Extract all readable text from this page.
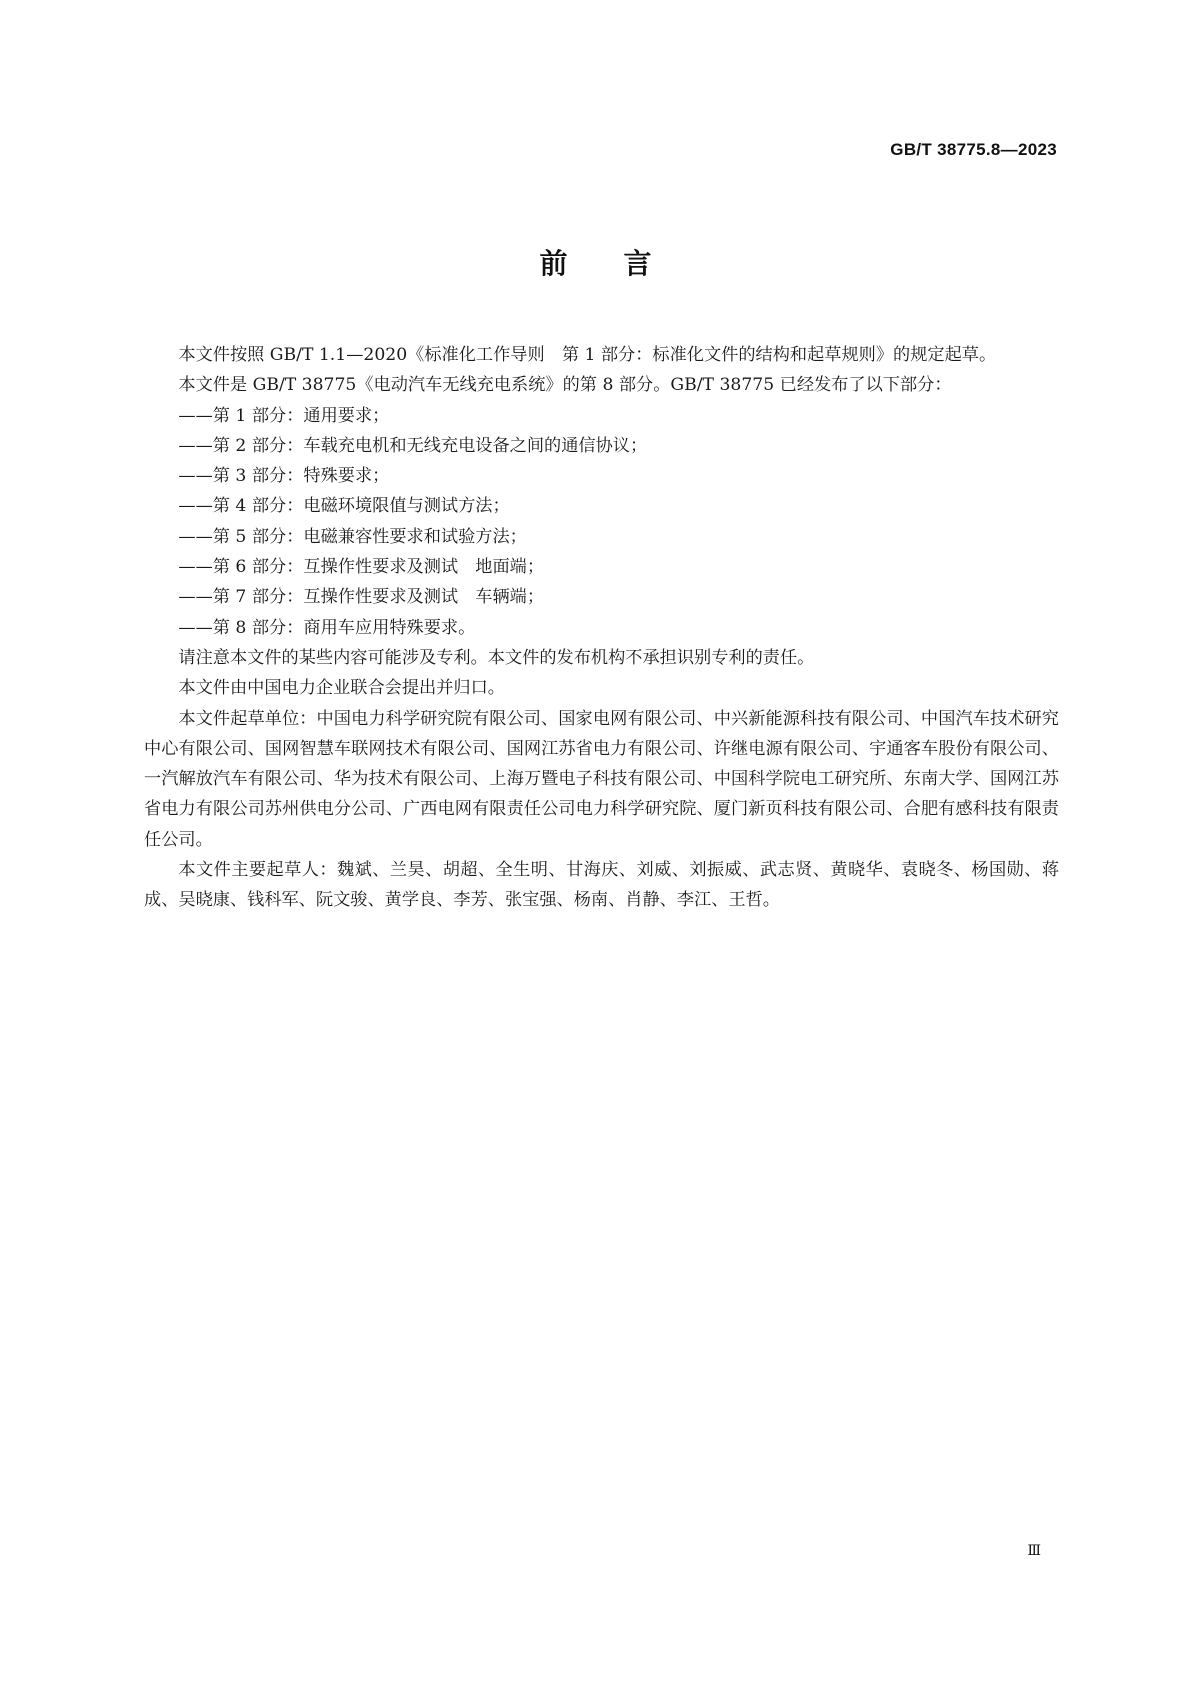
GB/T 38775.8—2023
前言

本文件按照 GB/T 1.1—2020《标准化工作导则　第 1 部分：标准化文件的结构和起草规则》的规定起草。

本文件是 GB/T 38775《电动汽车无线充电系统》的第 8 部分。GB/T 38775 已经发布了以下部分：

——第 1 部分：通用要求；

——第 2 部分：车载充电机和无线充电设备之间的通信协议；

——第 3 部分：特殊要求；

——第 4 部分：电磁环境限值与测试方法；

——第 5 部分：电磁兼容性要求和试验方法；

——第 6 部分：互操作性要求及测试　地面端；

——第 7 部分：互操作性要求及测试　车辆端；

——第 8 部分：商用车应用特殊要求。

请注意本文件的某些内容可能涉及专利。本文件的发布机构不承担识别专利的责任。

本文件由中国电力企业联合会提出并归口。

本文件起草单位：中国电力科学研究院有限公司、国家电网有限公司、中兴新能源科技有限公司、中国汽车技术研究中心有限公司、国网智慧车联网技术有限公司、国网江苏省电力有限公司、许继电源有限公司、宇通客车股份有限公司、一汽解放汽车有限公司、华为技术有限公司、上海万暨电子科技有限公司、中国科学院电工研究所、东南大学、国网江苏省电力有限公司苏州供电分公司、广西电网有限责任公司电力科学研究院、厦门新页科技有限公司、合肥有感科技有限责任公司。

本文件主要起草人：魏斌、兰昊、胡超、全生明、甘海庆、刘威、刘振威、武志贤、黄晓华、袁晓冬、杨国勋、蒋成、吴晓康、钱科军、阮文骏、黄学良、李芳、张宝强、杨南、肖静、李江、王哲。

Ⅲ
